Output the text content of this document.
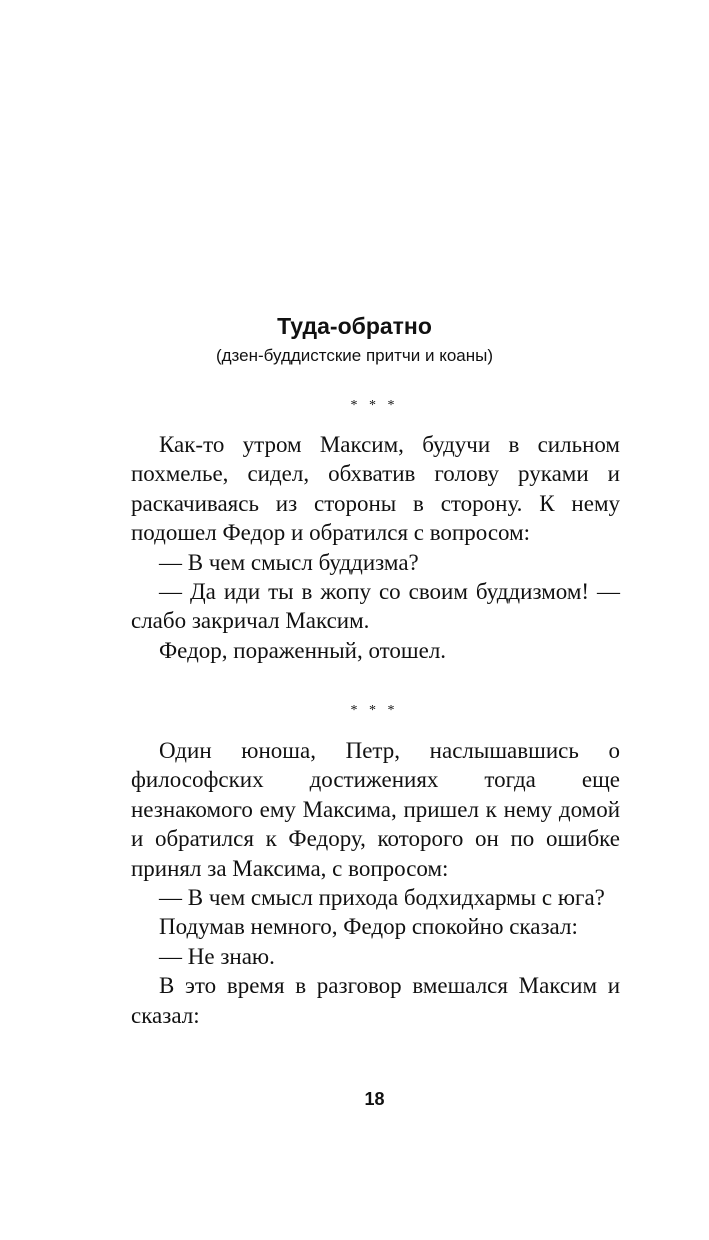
Туда-обратно
(дзен-буддистские притчи и коаны)
* * *

Как-то утром Максим, будучи в сильном похмелье, сидел, обхватив голову руками и раскачиваясь из стороны в сторону. К нему подошел Федор и обратился с вопросом:

— В чем смысл буддизма?

— Да иди ты в жопу со своим буддизмом! — слабо закричал Максим.

Федор, пораженный, отошел.

* * *

Один юноша, Петр, наслышавшись о философских достижениях тогда еще незнакомого ему Максима, пришел к нему домой и обратился к Федору, которого он по ошибке принял за Максима, с вопросом:

— В чем смысл прихода бодхидхармы с юга?

Подумав немного, Федор спокойно сказал:

— Не знаю.

В это время в разговор вмешался Максим и сказал:

18
